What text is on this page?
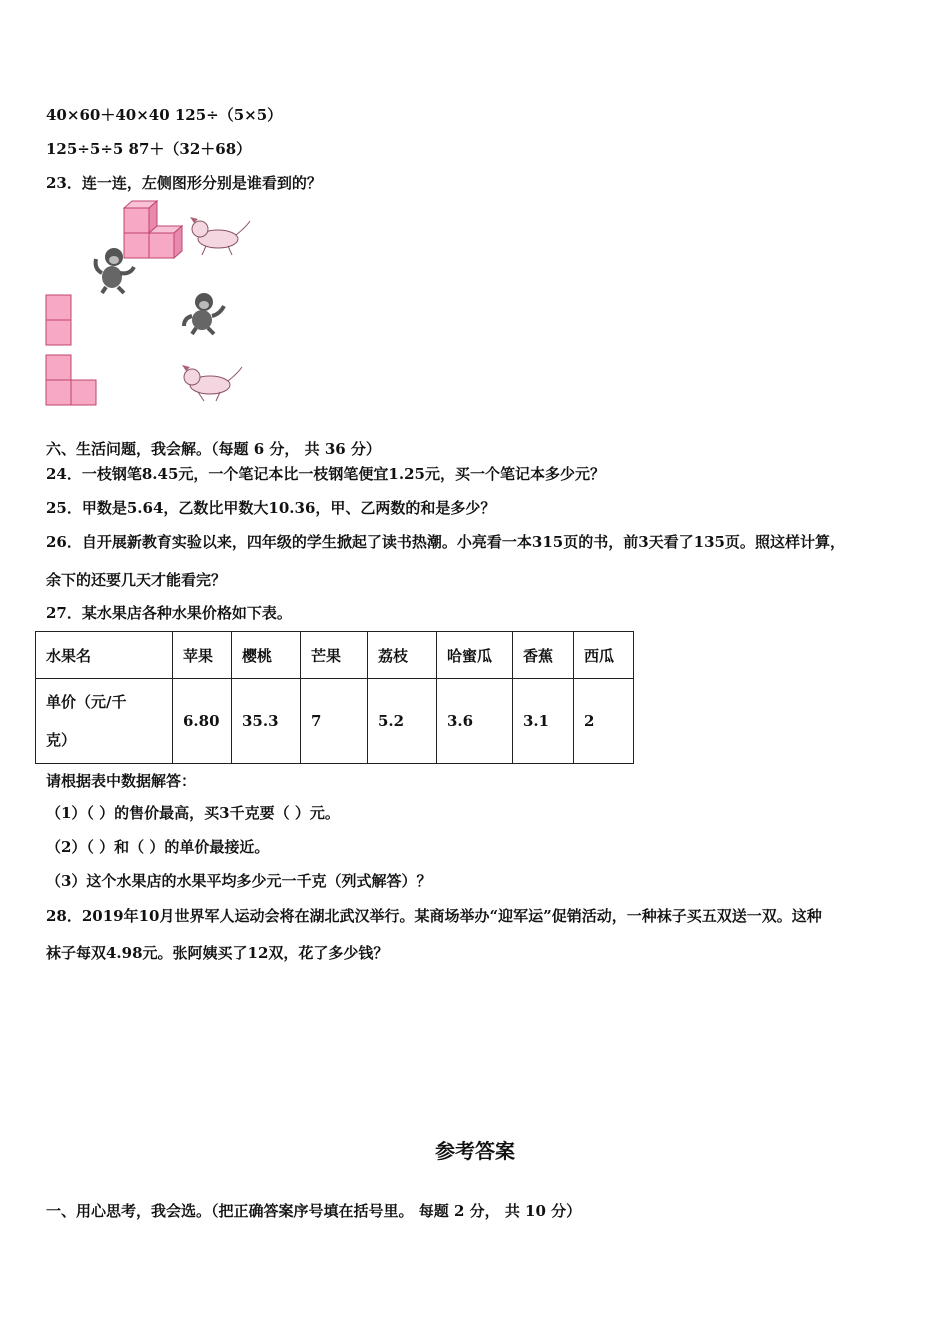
40×60＋40×40 125÷（5×5）
125÷5÷5 87＋（32＋68）
23．连一连，左侧图形分别是谁看到的？
六、生活问题，我会解。（每题 6 分， 共 36 分）
24．一枝钢笔8.45元，一个笔记本比一枝钢笔便宜1.25元，买一个笔记本多少元？
25．甲数是5.64，乙数比甲数大10.36，甲、乙两数的和是多少？
26．自开展新教育实验以来，四年级的学生掀起了读书热潮。小亮看一本315页的书，前3天看了135页。照这样计算，
余下的还要几天才能看完？
27．某水果店各种水果价格如下表。
水果名	苹果	樱桃	芒果	荔枝	哈蜜瓜	香蕉	西瓜

单价（元/千
克）	6.80	35.3	7	5.2	3.6	3.1	2
请根据表中数据解答：
（1）（ ）的售价最高，买3千克要（ ）元。
（2）（ ）和（ ）的单价最接近。
（3）这个水果店的水果平均多少元一千克（列式解答）？
28．2019年10月世界军人运动会将在湖北武汉举行。某商场举办“迎军运”促销活动，一种袜子买五双送一双。这种
袜子每双4.98元。张阿姨买了12双，花了多少钱？
参考答案
一、用心思考，我会选。（把正确答案序号填在括号里。 每题 2 分， 共 10 分）
